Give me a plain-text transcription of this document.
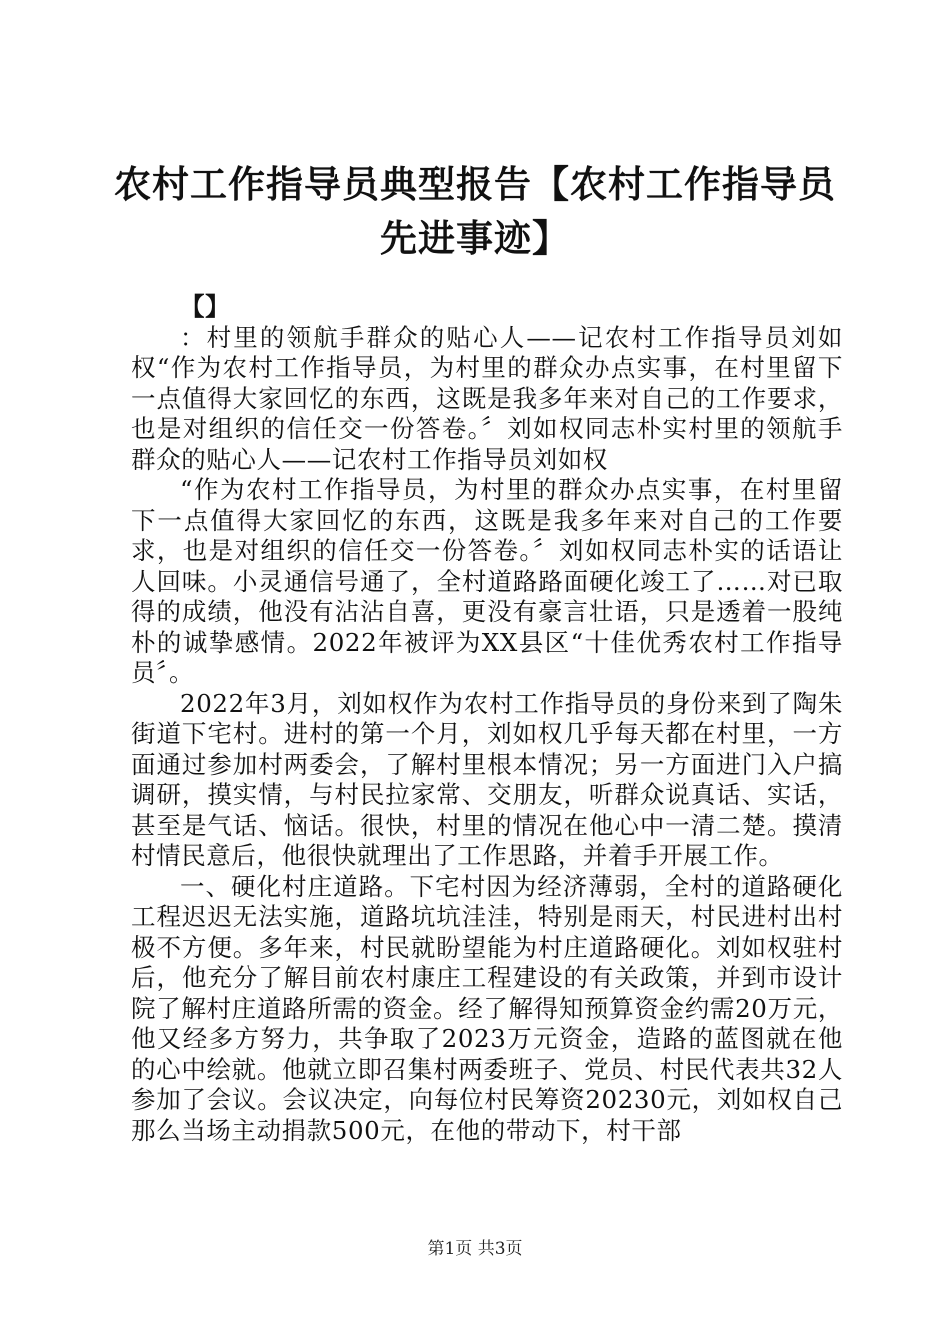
农村工作指导员典型报告【农村工作指导员先进事迹】

【】

：村里的领航手群众的贴心人——记农村工作指导员刘如权“作为农村工作指导员，为村里的群众办点实事，在村里留下一点值得大家回忆的东西，这既是我多年来对自己的工作要求，也是对组织的信任交一份答卷。〞刘如权同志朴实村里的领航手群众的贴心人——记农村工作指导员刘如权

“作为农村工作指导员，为村里的群众办点实事，在村里留下一点值得大家回忆的东西，这既是我多年来对自己的工作要求，也是对组织的信任交一份答卷。〞刘如权同志朴实的话语让人回味。小灵通信号通了，全村道路路面硬化竣工了……对已取得的成绩，他没有沾沾自喜，更没有豪言壮语，只是透着一股纯朴的诚挚感情。2022年被评为XX县区“十佳优秀农村工作指导员〞。

2022年3月，刘如权作为农村工作指导员的身份来到了陶朱街道下宅村。进村的第一个月，刘如权几乎每天都在村里，一方面通过参加村两委会，了解村里根本情况；另一方面进门入户搞调研，摸实情，与村民拉家常、交朋友，听群众说真话、实话，甚至是气话、恼话。很快，村里的情况在他心中一清二楚。摸清村情民意后，他很快就理出了工作思路，并着手开展工作。

一、硬化村庄道路。下宅村因为经济薄弱，全村的道路硬化工程迟迟无法实施，道路坑坑洼洼，特别是雨天，村民进村出村极不方便。多年来，村民就盼望能为村庄道路硬化。刘如权驻村后，他充分了解目前农村康庄工程建设的有关政策，并到市设计院了解村庄道路所需的资金。经了解得知预算资金约需20万元，他又经多方努力，共争取了2023万元资金，造路的蓝图就在他的心中绘就。他就立即召集村两委班子、党员、村民代表共32人参加了会议。会议决定，向每位村民筹资20230元，刘如权自己那么当场主动捐款500元，在他的带动下，村干部

第1页 共3页
